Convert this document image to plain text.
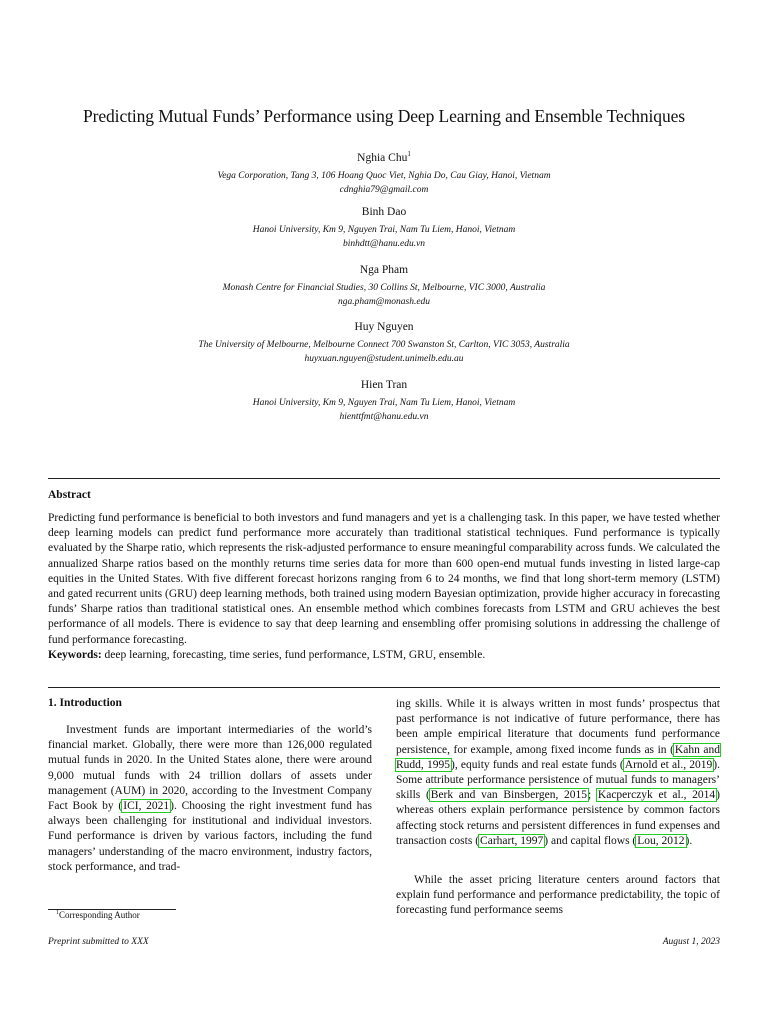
Predicting Mutual Funds’ Performance using Deep Learning and Ensemble Techniques
Nghia Chu$^1$
Vega Corporation, Tang 3, 106 Hoang Quoc Viet, Nghia Do, Cau Giay, Hanoi, Vietnam
cdnghia79@gmail.com
Binh Dao
Hanoi University, Km 9, Nguyen Trai, Nam Tu Liem, Hanoi, Vietnam
binhdtt@hanu.edu.vn
Nga Pham
Monash Centre for Financial Studies, 30 Collins St, Melbourne, VIC 3000, Australia
nga.pham@monash.edu
Huy Nguyen
The University of Melbourne, Melbourne Connect 700 Swanston St, Carlton, VIC 3053, Australia
huyxuan.nguyen@student.unimelb.edu.au
Hien Tran
Hanoi University, Km 9, Nguyen Trai, Nam Tu Liem, Hanoi, Vietnam
hienttfmt@hanu.edu.vn
Abstract
Predicting fund performance is beneficial to both investors and fund managers and yet is a challenging task. In this paper, we have tested whether deep learning models can predict fund performance more accurately than traditional statistical techniques. Fund performance is typically evaluated by the Sharpe ratio, which represents the risk-adjusted performance to ensure meaningful comparability across funds. We calculated the annualized Sharpe ratios based on the monthly returns time series data for more than 600 open-end mutual funds investing in listed large-cap equities in the United States. With five different forecast horizons ranging from 6 to 24 months, we find that long short-term memory (LSTM) and gated recurrent units (GRU) deep learning methods, both trained using modern Bayesian optimization, provide higher accuracy in forecasting funds’ Sharpe ratios than traditional statistical ones. An ensemble method which combines forecasts from LSTM and GRU achieves the best performance of all models. There is evidence to say that deep learning and ensembling offer promising solutions in addressing the challenge of fund performance forecasting.
Keywords: deep learning, forecasting, time series, fund performance, LSTM, GRU, ensemble.
1. Introduction
Investment funds are important intermediaries of the world’s financial market. Globally, there were more than 126,000 regulated mutual funds in 2020. In the United States alone, there were around 9,000 mutual funds with 24 trillion dollars of assets under management (AUM) in 2020, according to the Investment Company Fact Book by (ICI, 2021). Choosing the right investment fund has always been challenging for institutional and individual investors. Fund performance is driven by various factors, including the fund managers’ understanding of the macro environment, industry factors, stock performance, and trad-
ing skills. While it is always written in most funds’ prospectus that past performance is not indicative of future performance, there has been ample empirical literature that documents fund performance persistence, for example, among fixed income funds as in (Kahn and Rudd, 1995), equity funds and real estate funds (Arnold et al., 2019). Some attribute performance persistence of mutual funds to managers’ skills (Berk and van Binsbergen, 2015; Kacperczyk et al., 2014) whereas others explain performance persistence by common factors affecting stock returns and persistent differences in fund expenses and transaction costs (Carhart, 1997) and capital flows (Lou, 2012).
While the asset pricing literature centers around factors that explain fund performance and performance predictability, the topic of forecasting fund performance seems
$^1$Corresponding Author
Preprint submitted to XXX	August 1, 2023
